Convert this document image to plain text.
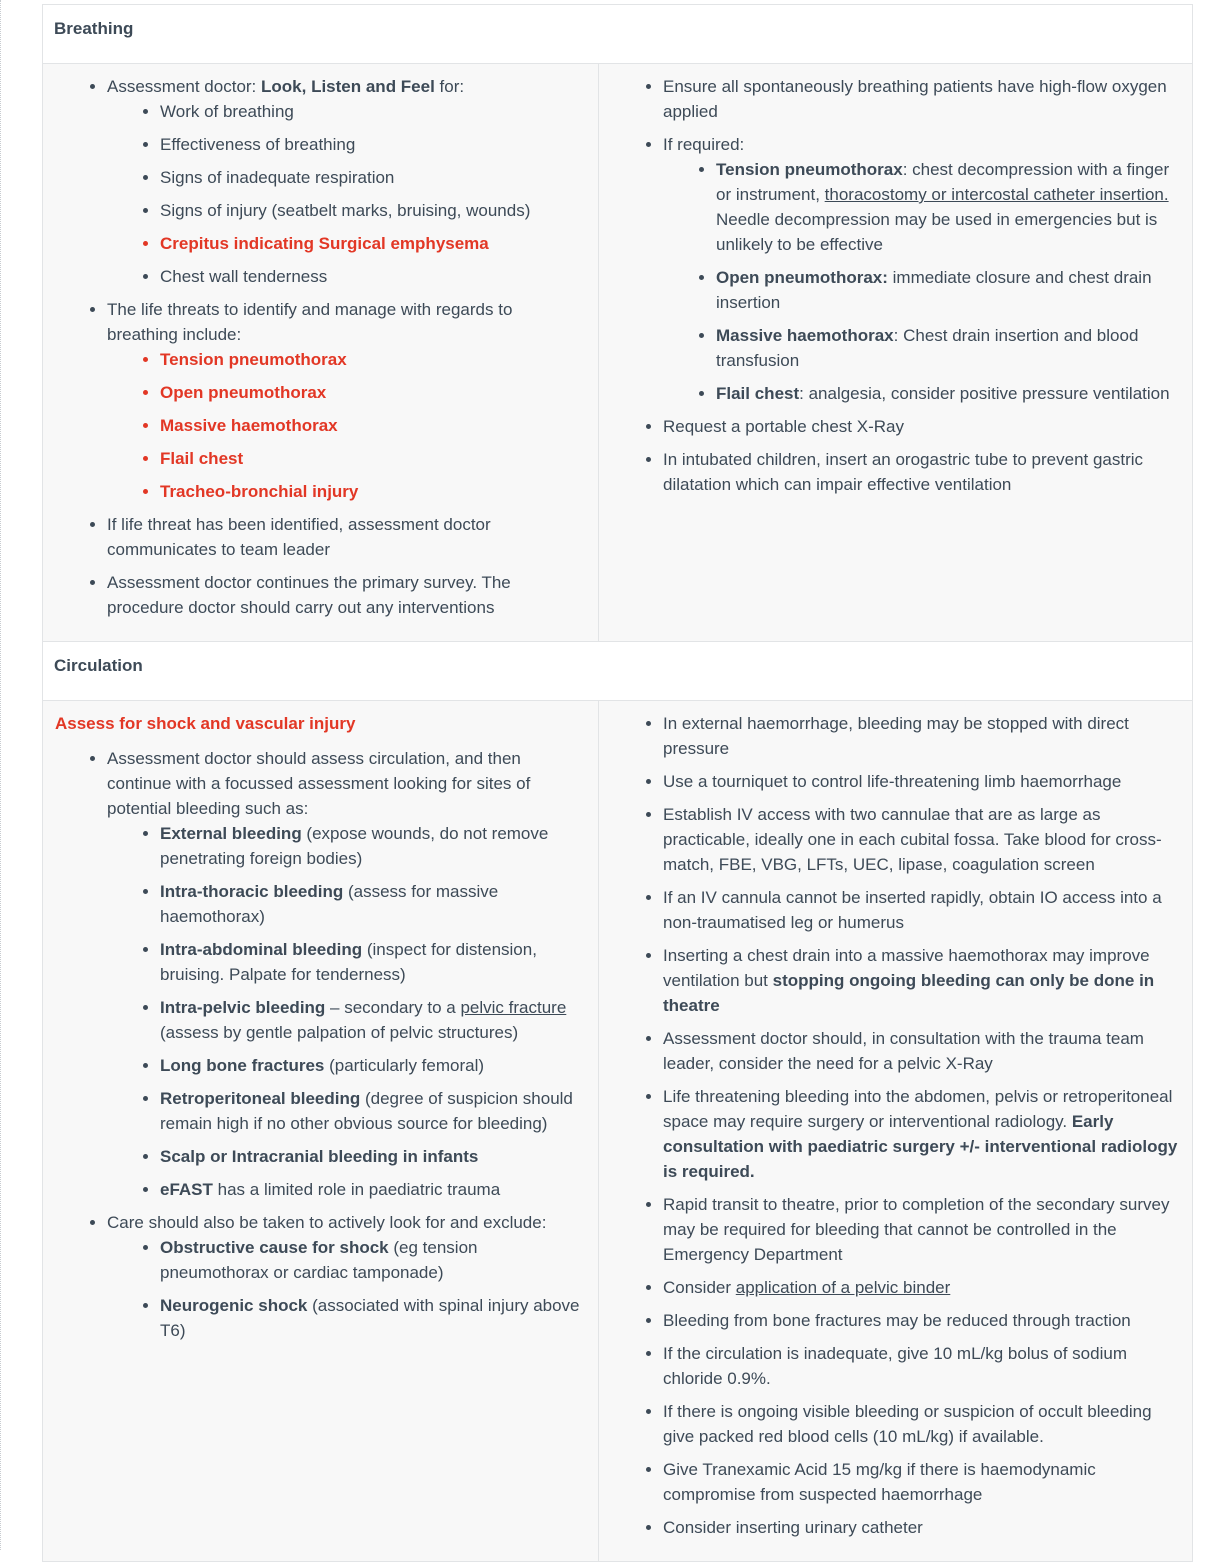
Breathing
• Assessment doctor: Look, Listen and Feel for:
• Work of breathing
• Effectiveness of breathing
• Signs of inadequate respiration
• Signs of injury (seatbelt marks, bruising, wounds)
• Crepitus indicating Surgical emphysema
• Chest wall tenderness
• The life threats to identify and manage with regards to breathing include:
• Tension pneumothorax
• Open pneumothorax
• Massive haemothorax
• Flail chest
• Tracheo-bronchial injury
• If life threat has been identified, assessment doctor communicates to team leader
• Assessment doctor continues the primary survey. The procedure doctor should carry out any interventions
• Ensure all spontaneously breathing patients have high-flow oxygen applied
• If required:
• Tension pneumothorax: chest decompression with a finger or instrument, thoracostomy or intercostal catheter insertion. Needle decompression may be used in emergencies but is unlikely to be effective
• Open pneumothorax: immediate closure and chest drain insertion
• Massive haemothorax: Chest drain insertion and blood transfusion
• Flail chest: analgesia, consider positive pressure ventilation
• Request a portable chest X-Ray
• In intubated children, insert an orogastric tube to prevent gastric dilatation which can impair effective ventilation
Circulation
Assess for shock and vascular injury
• Assessment doctor should assess circulation, and then continue with a focussed assessment looking for sites of potential bleeding such as:
• External bleeding (expose wounds, do not remove penetrating foreign bodies)
• Intra-thoracic bleeding (assess for massive haemothorax)
• Intra-abdominal bleeding (inspect for distension, bruising. Palpate for tenderness)
• Intra-pelvic bleeding – secondary to a pelvic fracture (assess by gentle palpation of pelvic structures)
• Long bone fractures (particularly femoral)
• Retroperitoneal bleeding (degree of suspicion should remain high if no other obvious source for bleeding)
• Scalp or Intracranial bleeding in infants
• eFAST has a limited role in paediatric trauma
• Care should also be taken to actively look for and exclude:
• Obstructive cause for shock (eg tension pneumothorax or cardiac tamponade)
• Neurogenic shock (associated with spinal injury above T6)
• In external haemorrhage, bleeding may be stopped with direct pressure
• Use a tourniquet to control life-threatening limb haemorrhage
• Establish IV access with two cannulae that are as large as practicable, ideally one in each cubital fossa. Take blood for cross-match, FBE, VBG, LFTs, UEC, lipase, coagulation screen
• If an IV cannula cannot be inserted rapidly, obtain IO access into a non-traumatised leg or humerus
• Inserting a chest drain into a massive haemothorax may improve ventilation but stopping ongoing bleeding can only be done in theatre
• Assessment doctor should, in consultation with the trauma team leader, consider the need for a pelvic X-Ray
• Life threatening bleeding into the abdomen, pelvis or retroperitoneal space may require surgery or interventional radiology. Early consultation with paediatric surgery +/- interventional radiology is required.
• Rapid transit to theatre, prior to completion of the secondary survey may be required for bleeding that cannot be controlled in the Emergency Department
• Consider application of a pelvic binder
• Bleeding from bone fractures may be reduced through traction
• If the circulation is inadequate, give 10 mL/kg bolus of sodium chloride 0.9%.
• If there is ongoing visible bleeding or suspicion of occult bleeding give packed red blood cells (10 mL/kg) if available.
• Give Tranexamic Acid 15 mg/kg if there is haemodynamic compromise from suspected haemorrhage
• Consider inserting urinary catheter
